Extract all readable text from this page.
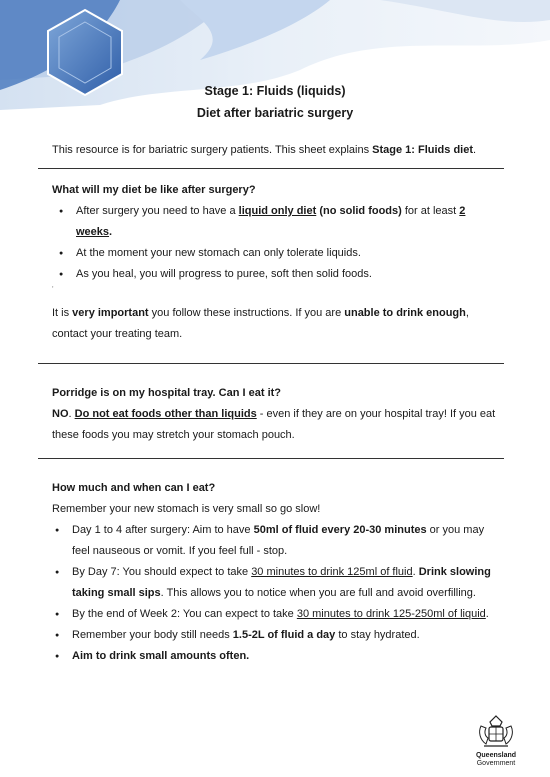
Stage 1: Fluids (liquids)
Diet after bariatric surgery

This resource is for bariatric surgery patients. This sheet explains Stage 1: Fluids diet.

What will my diet be like after surgery?
● After surgery you need to have a liquid only diet (no solid foods) for at least 2 weeks.
● At the moment your new stomach can only tolerate liquids.
● As you heal, you will progress to puree, soft then solid foods.
'

It is very important you follow these instructions. If you are unable to drink enough, contact your treating team.

Porridge is on my hospital tray. Can I eat it?

NO. Do not eat foods other than liquids - even if they are on your hospital tray! If you eat these foods you may stretch your stomach pouch.

How much and when can I eat?

Remember your new stomach is very small so go slow!

● Day 1 to 4 after surgery: Aim to have 50ml of fluid every 20-30 minutes or you may feel nauseous or vomit. If you feel full - stop.
● By Day 7: You should expect to take 30 minutes to drink 125ml of fluid. Drink slowing taking small sips. This allows you to notice when you are full and avoid overfilling.
● By the end of Week 2: You can expect to take 30 minutes to drink 125-250ml of liquid.
● Remember your body still needs 1.5-2L of fluid a day to stay hydrated.
● Aim to drink small amounts often.
Queensland
Government
